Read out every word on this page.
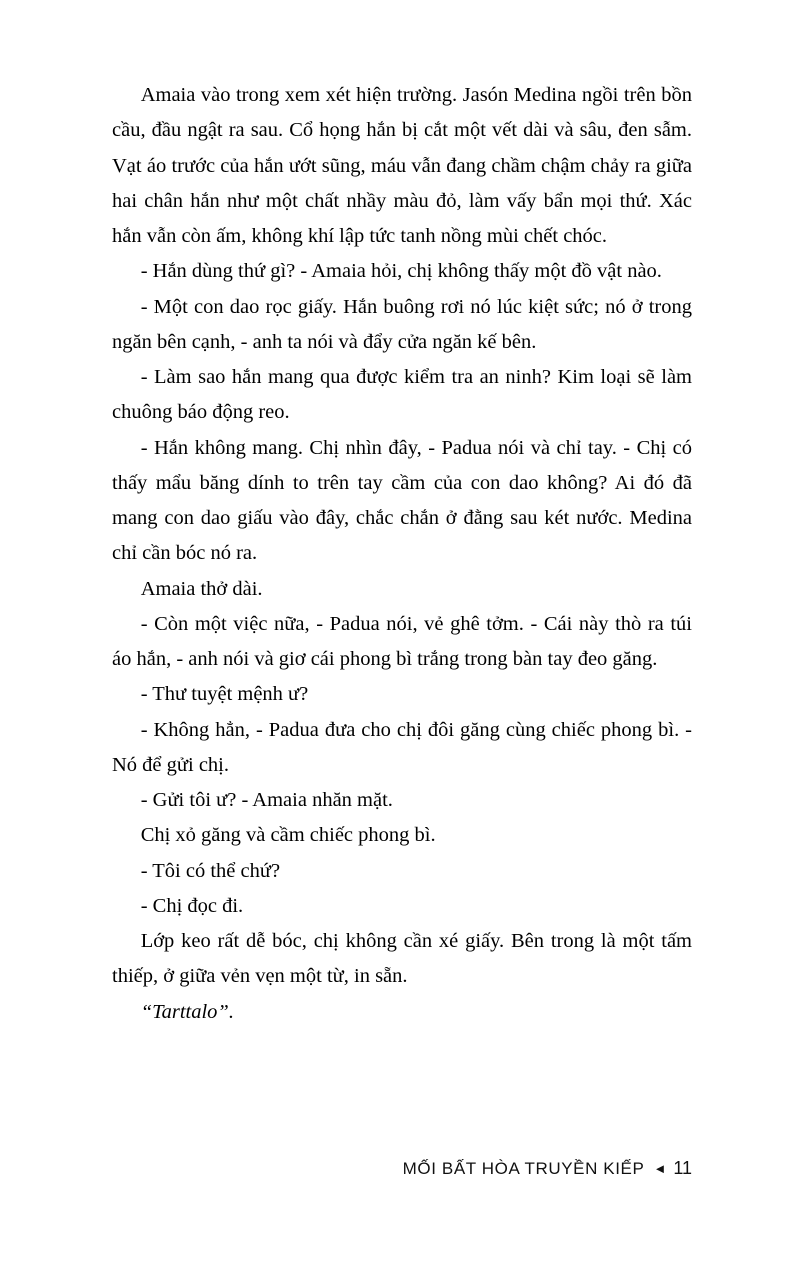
Amaia vào trong xem xét hiện trường. Jasón Medina ngồi trên bồn cầu, đầu ngật ra sau. Cổ họng hắn bị cắt một vết dài và sâu, đen sẫm. Vạt áo trước của hắn ướt sũng, máu vẫn đang chầm chậm chảy ra giữa hai chân hắn như một chất nhầy màu đỏ, làm vấy bẩn mọi thứ. Xác hắn vẫn còn ấm, không khí lập tức tanh nồng mùi chết chóc.

- Hắn dùng thứ gì? - Amaia hỏi, chị không thấy một đồ vật nào.

- Một con dao rọc giấy. Hắn buông rơi nó lúc kiệt sức; nó ở trong ngăn bên cạnh, - anh ta nói và đẩy cửa ngăn kế bên.

- Làm sao hắn mang qua được kiểm tra an ninh? Kim loại sẽ làm chuông báo động reo.

- Hắn không mang. Chị nhìn đây, - Padua nói và chỉ tay. - Chị có thấy mẩu băng dính to trên tay cầm của con dao không? Ai đó đã mang con dao giấu vào đây, chắc chắn ở đằng sau két nước. Medina chỉ cần bóc nó ra.

Amaia thở dài.

- Còn một việc nữa, - Padua nói, vẻ ghê tởm. - Cái này thò ra túi áo hắn, - anh nói và giơ cái phong bì trắng trong bàn tay đeo găng.

- Thư tuyệt mệnh ư?

- Không hẳn, - Padua đưa cho chị đôi găng cùng chiếc phong bì. - Nó để gửi chị.

- Gửi tôi ư? - Amaia nhăn mặt.

Chị xỏ găng và cầm chiếc phong bì.

- Tôi có thể chứ?

- Chị đọc đi.

Lớp keo rất dễ bóc, chị không cần xé giấy. Bên trong là một tấm thiếp, ở giữa vẻn vẹn một từ, in sẵn.

“Tarttalo”.

MỐI BẤT HÒA TRUYỀN KIẾP ◄ 11
